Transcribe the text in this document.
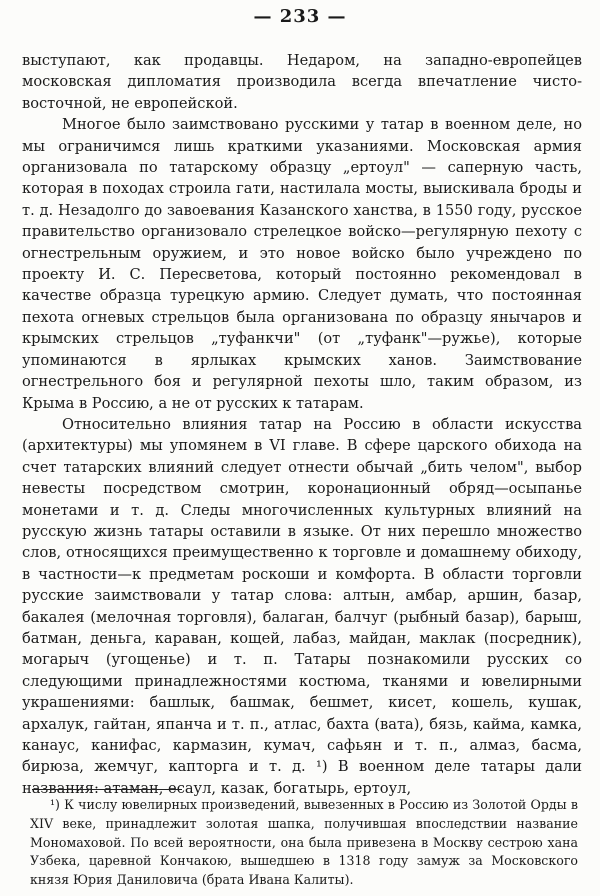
— 233 —

выступают, как продавцы. Недаром, на западно-европейцев московская дипломатия производила всегда впечатление чисто-восточной, не европейской.

Многое было заимствовано русскими у татар в военном деле, но мы ограничимся лишь краткими указаниями. Московская армия организовала по татарскому образцу „ертоул" — саперную часть, которая в походах строила гати, настилала мосты, выискивала броды и т. д. Незадолго до завоевания Казанского ханства, в 1550 году, русское правительство организовало стрелецкое войско—регулярную пехоту с огнестрельным оружием, и это новое войско было учреждено по проекту И. С. Пересветова, который постоянно рекомендовал в качестве образца турецкую армию. Следует думать, что постоянная пехота огневых стрельцов была организована по образцу янычаров и крымских стрельцов „туфанкчи" (от „туфанк"—ружье), которые упоминаются в ярлыках крымских ханов. Заимствование огнестрельного боя и регулярной пехоты шло, таким образом, из Крыма в Россию, а не от русских к татарам.

Относительно влияния татар на Россию в области искусства (архитектуры) мы упомянем в VI главе. В сфере царского обихода на счет татарских влияний следует отнести обычай „бить челом", выбор невесты посредством смотрин, коронационный обряд—осыпанье монетами и т. д. Следы многочисленных культурных влияний на русскую жизнь татары оставили в языке. От них перешло множество слов, относящихся преимущественно к торговле и домашнему обиходу, в частности—к предметам роскоши и комфорта. В области торговли русские заимствовали у татар слова: алтын, амбар, аршин, базар, бакалея (мелочная торговля), балаган, балчуг (рыбный базар), барыш, батман, деньга, караван, кощей, лабаз, майдан, маклак (посредник), могарыч (угощенье) и т. п. Татары познакомили русских со следующими принадлежностями костюма, тканями и ювелирными украшениями: башлык, башмак, бешмет, кисет, кошель, кушак, архалук, гайтан, япанча и т. п., атлас, бахта (вата), бязь, кайма, камка, канаус, канифас, кармазин, кумач, сафьян и т. п., алмаз, басма, бирюза, жемчуг, капторга и т. д. ¹) В военном деле татары дали названия: атаман, есаул, казак, богатырь, ертоул,

¹) К числу ювелирных произведений, вывезенных в Россию из Золотой Орды в XIV веке, принадлежит золотая шапка, получившая впоследствии название Мономаховой. По всей вероятности, она была привезена в Москву сестрою хана Узбека, царевной Кончакою, вышедшею в 1318 году замуж за Московского князя Юрия Даниловича (брата Ивана Калиты).
